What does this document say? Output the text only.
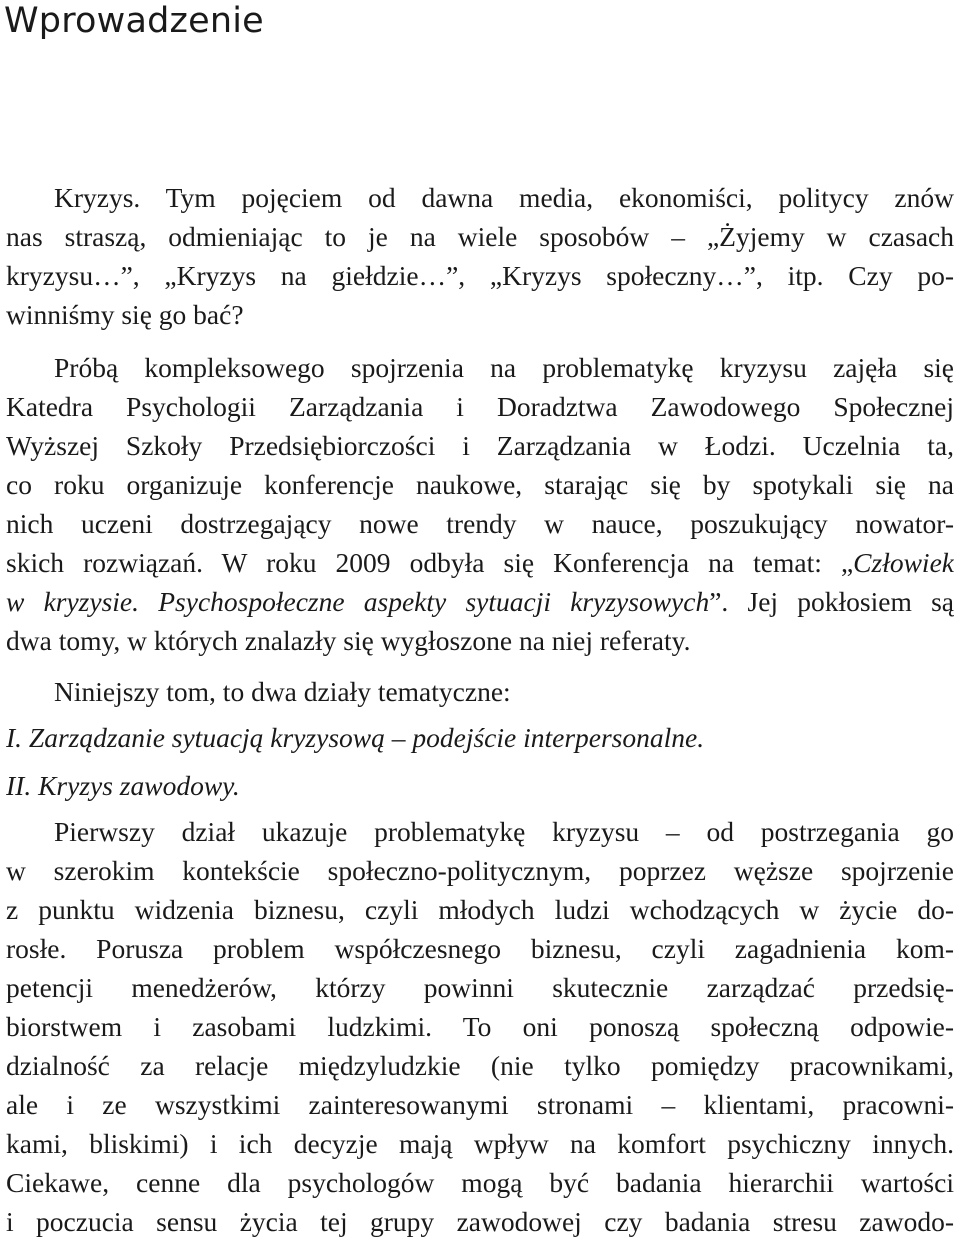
Wprowadzenie
Kryzys. Tym pojęciem od dawna media, ekonomiści, politycy znów
nas straszą, odmieniając to je na wiele sposobów – „Żyjemy w czasach
kryzysu…”, „Kryzys na giełdzie…”, „Kryzys społeczny…”, itp. Czy po-
winniśmy się go bać?
Próbą kompleksowego spojrzenia na problematykę kryzysu zajęła się
Katedra Psychologii Zarządzania i Doradztwa Zawodowego Społecznej
Wyższej Szkoły Przedsiębiorczości i Zarządzania w Łodzi. Uczelnia ta,
co roku organizuje konferencje naukowe, starając się by spotykali się na
nich uczeni dostrzegający nowe trendy w nauce, poszukujący nowator-
skich rozwiązań. W roku 2009 odbyła się Konferencja na temat: „Człowiek
w kryzysie. Psychospołeczne aspekty sytuacji kryzysowych”. Jej pokłosiem są
dwa tomy, w których znalazły się wygłoszone na niej referaty.
Niniejszy tom, to dwa działy tematyczne:
I. Zarządzanie sytuacją kryzysową – podejście interpersonalne.
II. Kryzys zawodowy.
Pierwszy dział ukazuje problematykę kryzysu – od postrzegania go
w szerokim kontekście społeczno-politycznym, poprzez węższe spojrzenie
z punktu widzenia biznesu, czyli młodych ludzi wchodzących w życie do-
rosłe. Porusza problem współczesnego biznesu, czyli zagadnienia kom-
petencji menedżerów, którzy powinni skutecznie zarządzać przedsię-
biorstwem i zasobami ludzkimi. To oni ponoszą społeczną odpowie-
dzialność za relacje międzyludzkie (nie tylko pomiędzy pracownikami,
ale i ze wszystkimi zainteresowanymi stronami – klientami, pracowni-
kami, bliskimi) i ich decyzje mają wpływ na komfort psychiczny innych.
Ciekawe, cenne dla psychologów mogą być badania hierarchii wartości
i poczucia sensu życia tej grupy zawodowej czy badania stresu zawodo-
